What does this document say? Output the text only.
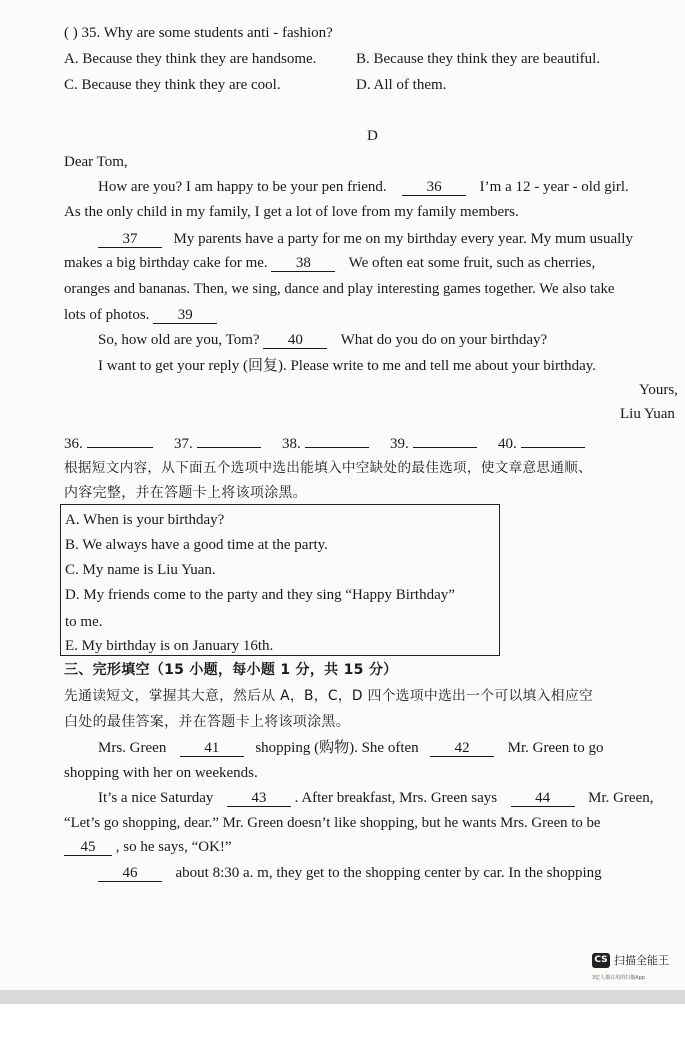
( ) 35. Why are some students anti - fashion?
A. Because they think they are handsome.	B. Because they think they are beautiful.
C. Because they think they are cool.	D. All of them.
D
Dear Tom,
How are you? I am happy to be your pen friend.	36	I’m a 12 - year - old girl.
As the only child in my family, I get a lot of love from my family members.
37 My parents have a party for me on my birthday every year. My mum usually
makes a big birthday cake for me. 38	We often eat some fruit, such as cherries,
oranges and bananas. Then, we sing, dance and play interesting games together. We also take
lots of photos. 39
So, how old are you, Tom? 40	What do you do on your birthday?
I want to get your reply (回复). Please write to me and tell me about your birthday.
Yours,
Liu Yuan
36.	37.	38.	39.	40.
根据短文内容，从下面五个选项中选出能填入中空缺处的最佳选项，使文章意思通顺、
内容完整，并在答题卡上将该项涂黑。
A. When is your birthday?
B. We always have a good time at the party.
C. My name is Liu Yuan.
D. My friends come to the party and they sing “Happy Birthday”
to me.
E. My birthday is on January 16th.
三、完形填空（15 小题，每小题 1 分，共 15 分）
先通读短文，掌握其大意，然后从 A，B，C，D 四个选项中选出一个可以填入相应空
白处的最佳答案，并在答题卡上将该项涂黑。
Mrs. Green	41 shopping (购物). She often 42	Mr. Green to go
shopping with her on weekends.
It’s a nice Saturday	43 . After breakfast, Mrs. Green says	44	Mr. Green,
“Let’s go shopping, dear.” Mr. Green doesn’t like shopping, but he wants Mrs. Green to be
45 , so he says, “OK!”
46	about 8:30 a. m, they get to the shopping center by car. In the shopping
CS 扫描全能王
3亿人都在用的扫描App
